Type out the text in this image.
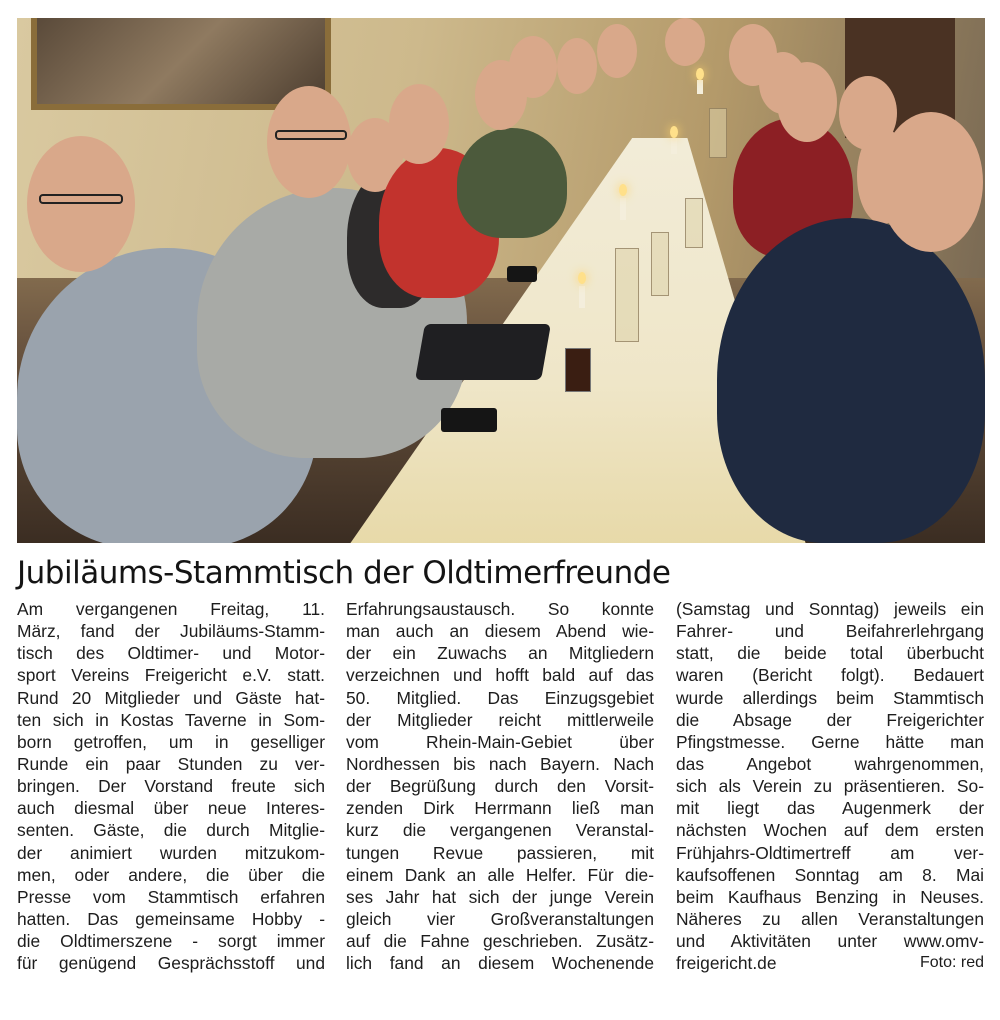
Jubiläums-Stammtisch der Oldtimerfreunde
Am vergangenen Freitag, 11.
März, fand der Jubiläums-Stamm-
tisch des Oldtimer- und Motor-
sport Vereins Freigericht e.V. statt.
Rund 20 Mitglieder und Gäste hat-
ten sich in Kostas Taverne in Som-
born getroffen, um in geselliger
Runde ein paar Stunden zu ver-
bringen. Der Vorstand freute sich
auch diesmal über neue Interes-
senten. Gäste, die durch Mitglie-
der animiert wurden mitzukom-
men, oder andere, die über die
Presse vom Stammtisch erfahren
hatten. Das gemeinsame Hobby -
die Oldtimerszene - sorgt immer
für genügend Gesprächsstoff und
Erfahrungsaustausch. So konnte
man auch an diesem Abend wie-
der ein Zuwachs an Mitgliedern
verzeichnen und hofft bald auf das
50. Mitglied. Das Einzugsgebiet
der Mitglieder reicht mittlerweile
vom Rhein-Main-Gebiet über
Nordhessen bis nach Bayern. Nach
der Begrüßung durch den Vorsit-
zenden Dirk Herrmann ließ man
kurz die vergangenen Veranstal-
tungen Revue passieren, mit
einem Dank an alle Helfer. Für die-
ses Jahr hat sich der junge Verein
gleich vier Großveranstaltungen
auf die Fahne geschrieben. Zusätz-
lich fand an diesem Wochenende
(Samstag und Sonntag) jeweils ein
Fahrer- und Beifahrerlehrgang
statt, die beide total überbucht
waren (Bericht folgt). Bedauert
wurde allerdings beim Stammtisch
die Absage der Freigerichter
Pfingstmesse. Gerne hätte man
das Angebot wahrgenommen,
sich als Verein zu präsentieren. So-
mit liegt das Augenmerk der
nächsten Wochen auf dem ersten
Frühjahrs-Oldtimertreff am ver-
kaufsoffenen Sonntag am 8. Mai
beim Kaufhaus Benzing in Neuses.
Näheres zu allen Veranstaltungen
und Aktivitäten unter www.omv-
freigericht.de	Foto: red
